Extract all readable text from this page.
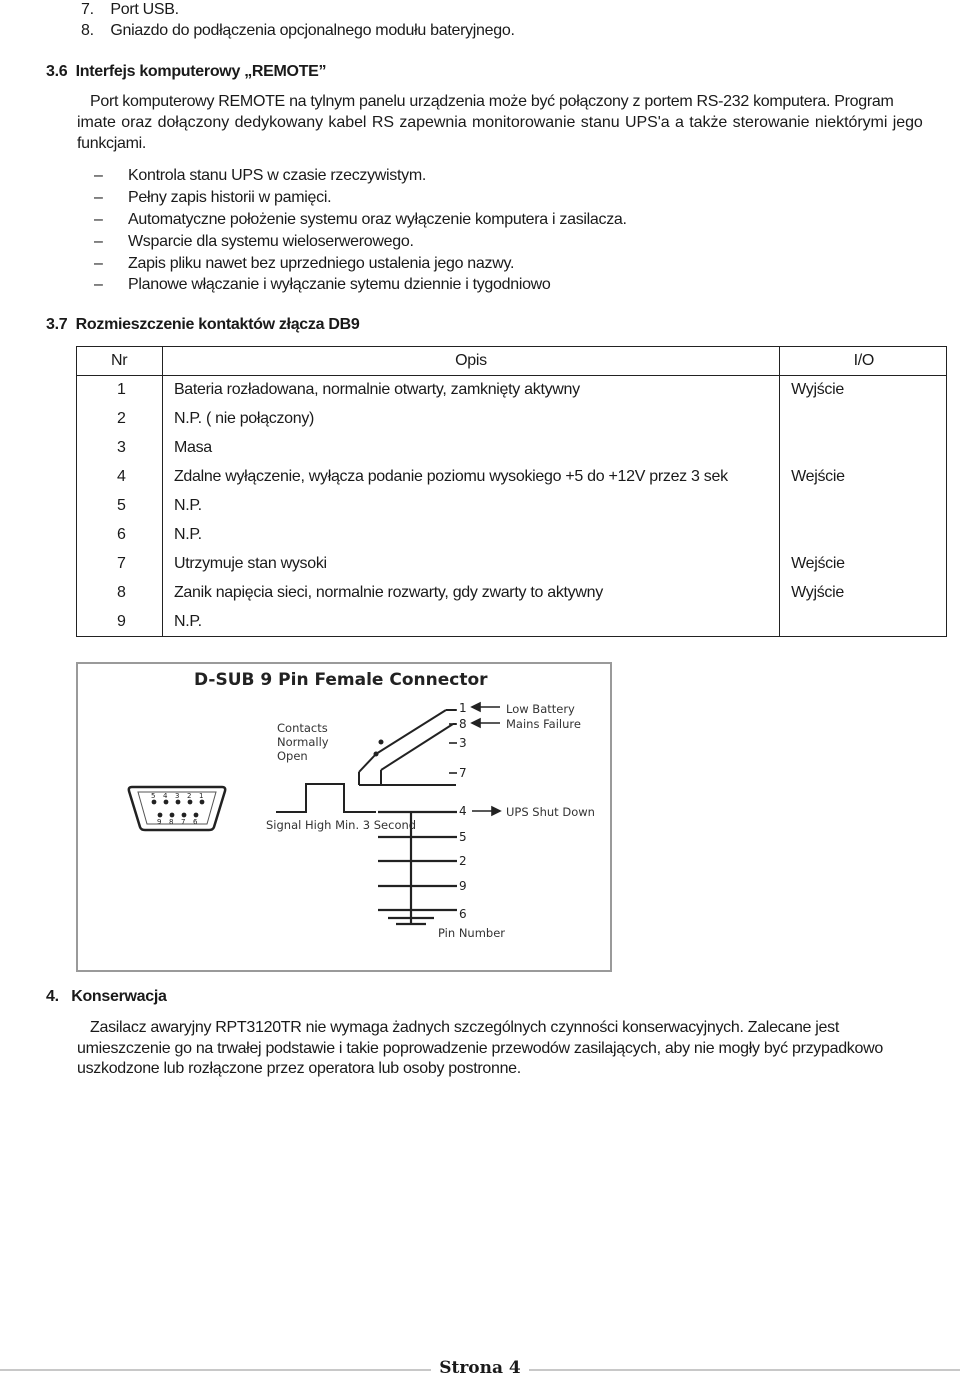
7. Port USB.
8. Gniazdo do podłączenia opcjonalnego modułu bateryjnego.
3.6 Interfejs komputerowy „REMOTE”
Port komputerowy REMOTE na tylnym panelu urządzenia może być połączony z portem RS-232 komputera. Program
imate oraz dołączony dedykowany kabel RS zapewnia monitorowanie stanu UPS'a a także sterowanie niektórymi jego
funkcjami.
– Kontrola stanu UPS w czasie rzeczywistym.
– Pełny zapis historii w pamięci.
– Automatyczne położenie systemu oraz wyłączenie komputera i zasilacza.
– Wsparcie dla systemu wieloserwerowego.
– Zapis pliku nawet bez uprzedniego ustalenia jego nazwy.
– Planowe włączanie i wyłączanie sytemu dziennie i tygodniowo
3.7 Rozmieszczenie kontaktów złącza DB9
Nr	Opis	I/O
1	Bateria rozładowana, normalnie otwarty, zamknięty aktywny	Wyjście
2	N.P. ( nie połączony)	
3	Masa	
4	Zdalne wyłączenie, wyłącza podanie poziomu wysokiego +5 do +12V przez 3 sek	Wejście
5	N.P.	
6	N.P.	
7	Utrzymuje stan wysoki	Wejście
8	Zanik napięcia sieci, normalnie rozwarty, gdy zwarty to aktywny	Wyjście
9	N.P.	
D-SUB 9 Pin Female Connector
Contacts
Normally
Open
1
8
3
7
Low Battery
Mains Failure
UPS Shut Down
Signal High Min. 3 Second
4
5
2
9
6
Pin Number
5 4 3 2 1
9 8 7 6
4. Konserwacja
Zasilacz awaryjny RPT3120TR nie wymaga żadnych szczególnych czynności konserwacyjnych. Zalecane jest
umieszczenie go na trwałej podstawie i takie poprowadzenie przewodów zasilających, aby nie mogły być przypadkowo
uszkodzone lub rozłączone przez operatora lub osoby postronne.
Strona 4
